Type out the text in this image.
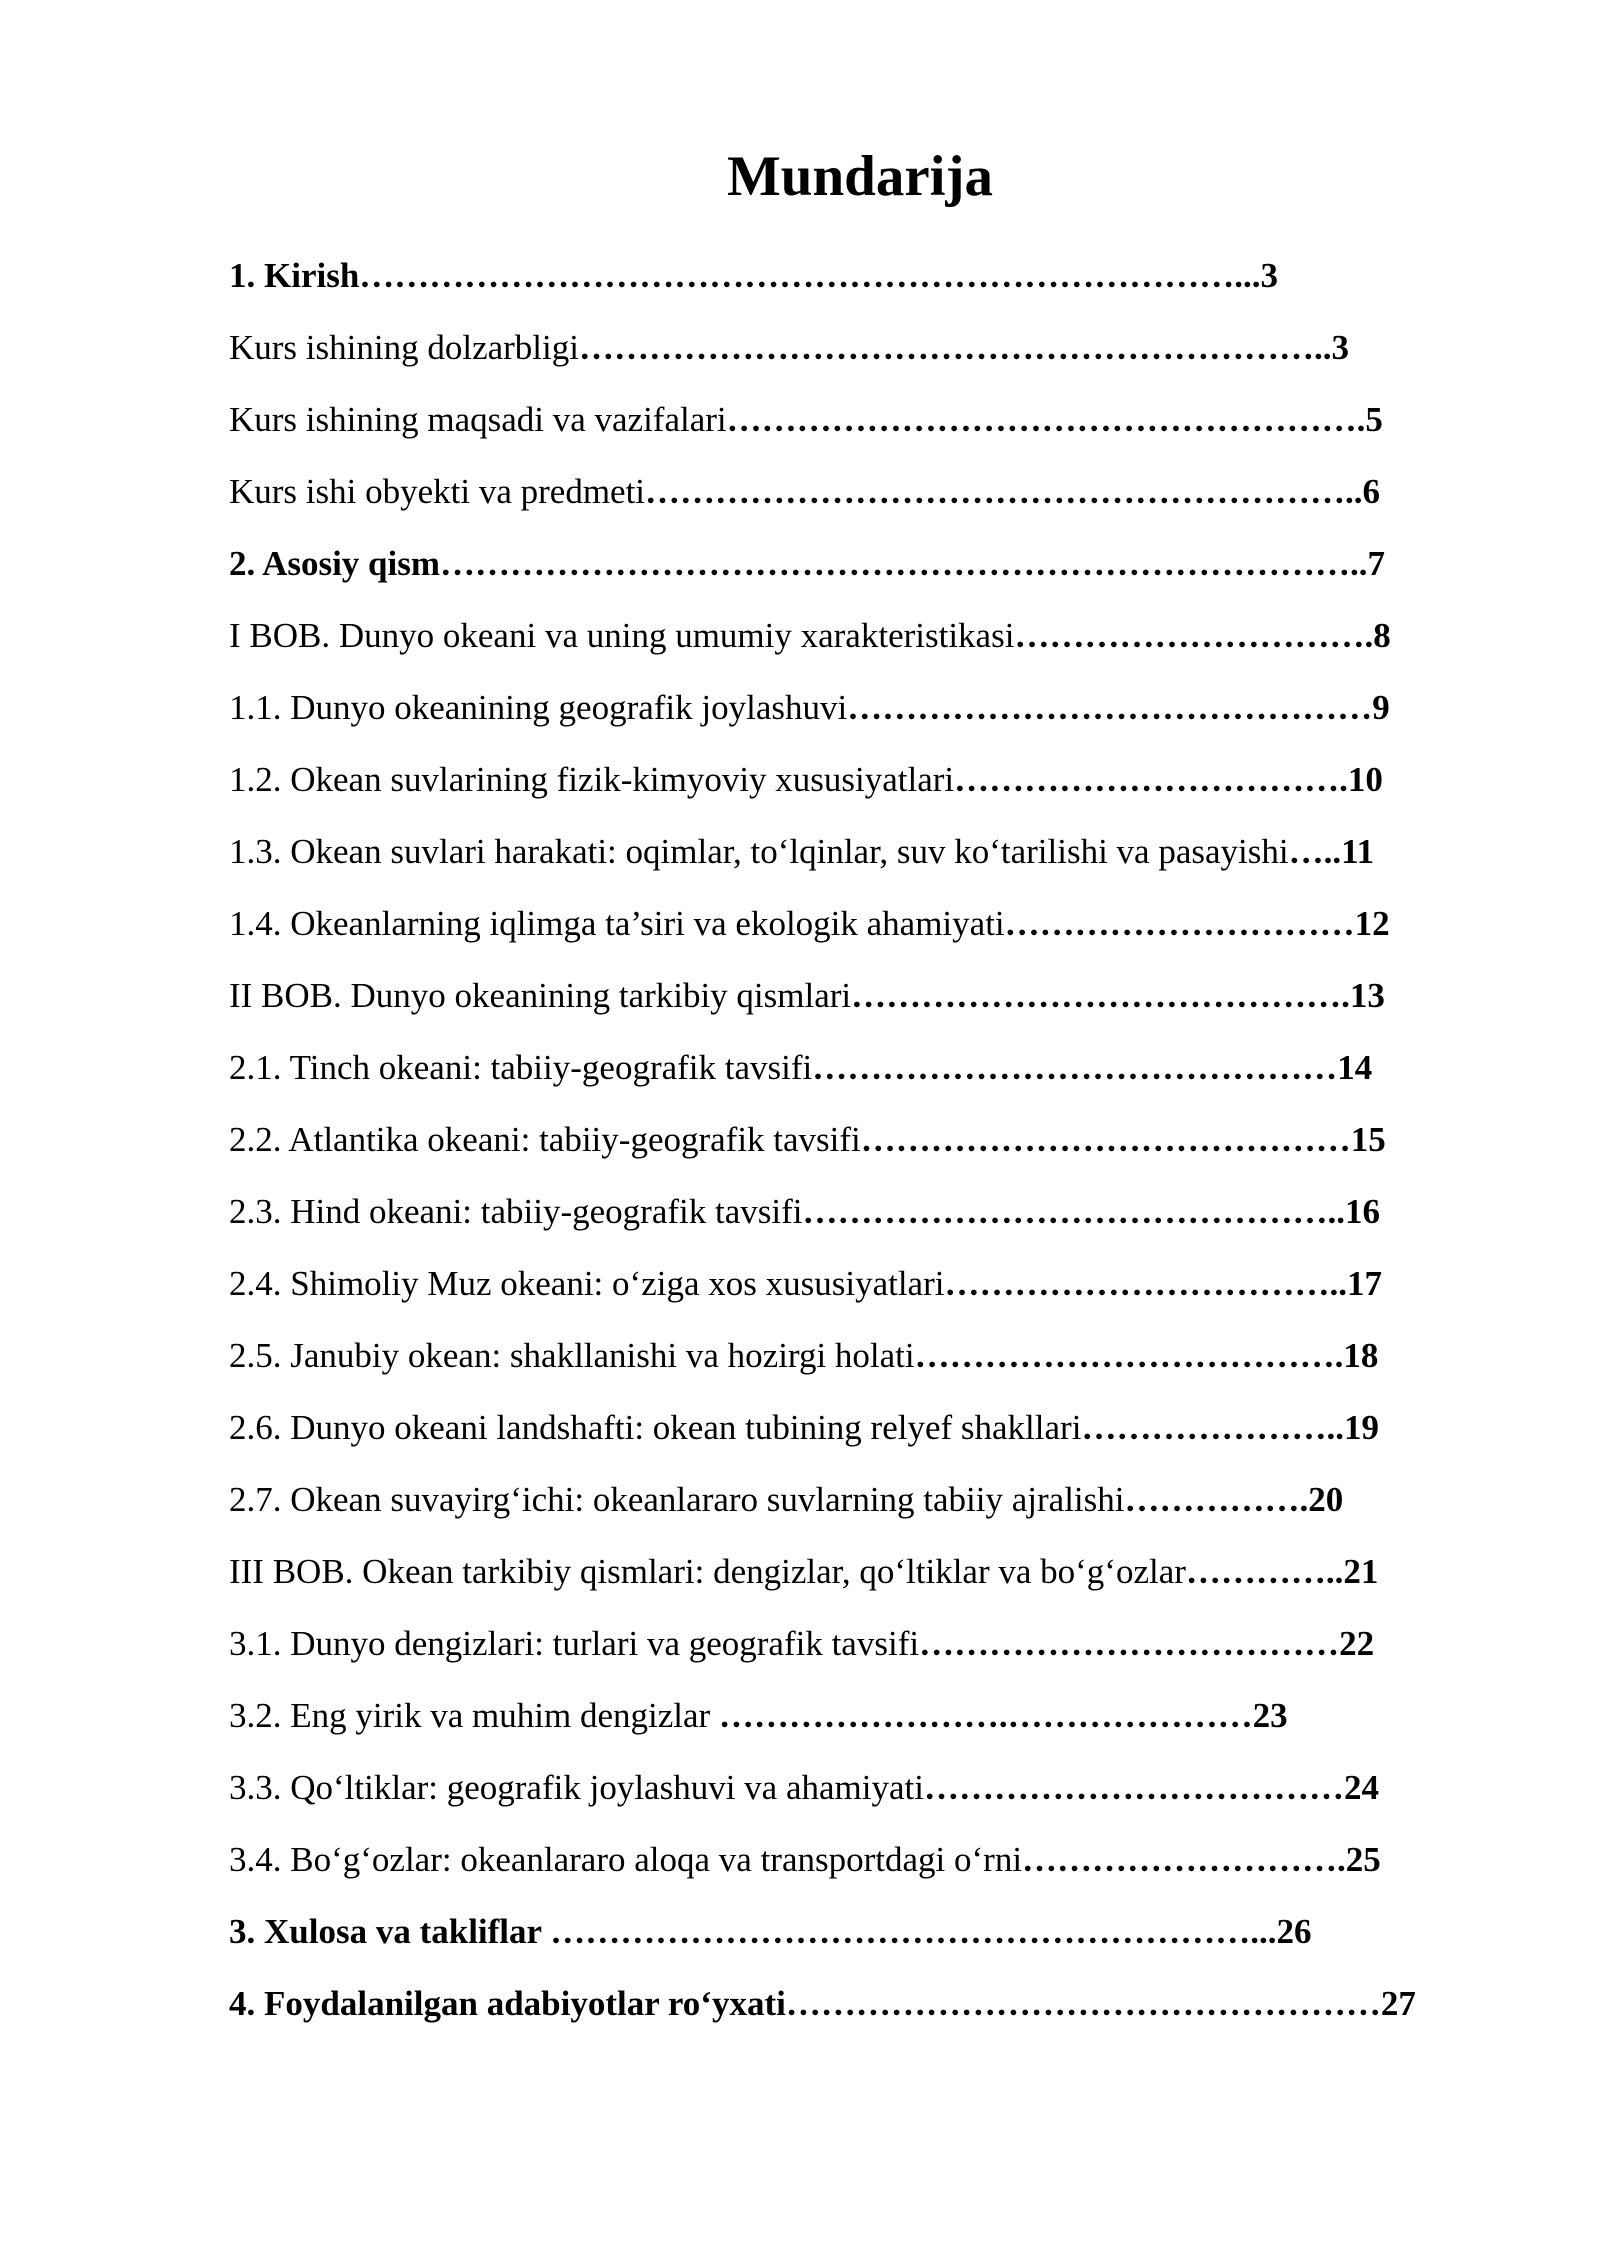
Mundarija
1. Kirish…………………………………………………………………...3
Kurs ishining dolzarbligi………………………………………………………..3
Kurs ishining maqsadi va vazifalari……………………………………………….5
Kurs ishi obyekti va predmeti……………………………………………………..6
2. Asosiy qism……………………………………………………………………..7
I BOB. Dunyo okeani va uning umumiy xarakteristikasi………………………….8
1.1. Dunyo okeanining geografik joylashuvi………………………………………9
1.2. Okean suvlarining fizik-kimyoviy xususiyatlari…………………………….10
1.3. Okean suvlari harakati: oqimlar, to‘lqinlar, suv ko‘tarilishi va pasayishi…..11
1.4. Okeanlarning iqlimga ta’siri va ekologik ahamiyati…………………………12
II BOB. Dunyo okeanining tarkibiy qismlari…………………………………….13
2.1. Tinch okeani: tabiiy-geografik tavsifi………………………………………14
2.2. Atlantika okeani: tabiiy-geografik tavsifi……………………………………15
2.3. Hind okeani: tabiiy-geografik tavsifi………………………………………..16
2.4. Shimoliy Muz okeani: o‘ziga xos xususiyatlari……………………………..17
2.5. Janubiy okean: shakllanishi va hozirgi holati……………………………….18
2.6. Dunyo okeani landshafti: okean tubining relyef shakllari…………………..19
2.7. Okean suvayirg‘ichi: okeanlararo suvlarning tabiiy ajralishi…………….20
III BOB. Okean tarkibiy qismlari: dengizlar, qo‘ltiklar va bo‘g‘ozlar…………..21
3.1. Dunyo dengizlari: turlari va geografik tavsifi………………………………22
3.2. Eng yirik va muhim dengizlar …………………….…………………23
3.3. Qo‘ltiklar: geografik joylashuvi va ahamiyati………………………………24
3.4. Bo‘g‘ozlar: okeanlararo aloqa va transportdagi o‘rni……………………….25
3. Xulosa va takliflar ……………………………………………………...26
4. Foydalanilgan adabiyotlar ro‘yxati……………………………………………27
